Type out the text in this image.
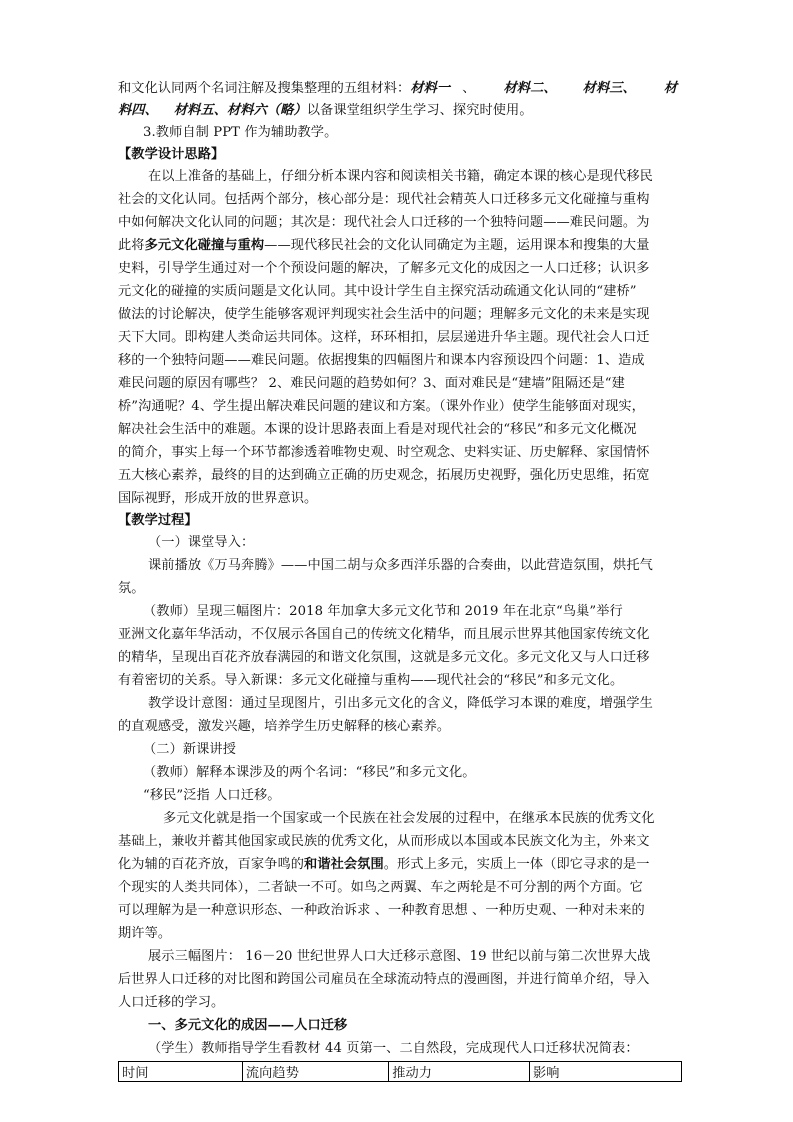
和文化认同两个名词注解及搜集整理的五组材料：材料一 、 材料二、 材料三、 材
料四、 材料五、材料六（略）以备课堂组织学生学习、探究时使用。
3.教师自制 PPT 作为辅助教学。
【教学设计思路】
在以上准备的基础上，仔细分析本课内容和阅读相关书籍，确定本课的核心是现代移民
社会的文化认同。包括两个部分，核心部分是：现代社会精英人口迁移多元文化碰撞与重构
中如何解决文化认同的问题；其次是：现代社会人口迁移的一个独特问题——难民问题。为
此将多元文化碰撞与重构——现代移民社会的文化认同确定为主题，运用课本和搜集的大量
史料，引导学生通过对一个个预设问题的解决，了解多元文化的成因之一人口迁移；认识多
元文化的碰撞的实质问题是文化认同。其中设计学生自主探究活动疏通文化认同的“建桥”
做法的讨论解决，使学生能够客观评判现实社会生活中的问题；理解多元文化的未来是实现
天下大同。即构建人类命运共同体。这样，环环相扣，层层递进升华主题。现代社会人口迁
移的一个独特问题——难民问题。依据搜集的四幅图片和课本内容预设四个问题：1、造成
难民问题的原因有哪些？ 2、难民问题的趋势如何？3、面对难民是“建墙”阻隔还是“建
桥”沟通呢？4、学生提出解决难民问题的建议和方案。（课外作业）使学生能够面对现实，
解决社会生活中的难题。本课的设计思路表面上看是对现代社会的“移民”和多元文化概况
的简介，事实上每一个环节都渗透着唯物史观、时空观念、史料实证、历史解释、家国情怀
五大核心素养，最终的目的达到确立正确的历史观念，拓展历史视野，强化历史思维，拓宽
国际视野，形成开放的世界意识。
【教学过程】
（一）课堂导入：
课前播放《万马奔腾》——中国二胡与众多西洋乐器的合奏曲，以此营造氛围，烘托气
氛。
（教师）呈现三幅图片：2018 年加拿大多元文化节和 2019 年在北京“鸟巢”举行
亚洲文化嘉年华活动，不仅展示各国自己的传统文化精华，而且展示世界其他国家传统文化
的精华，呈现出百花齐放春满园的和谐文化氛围，这就是多元文化。多元文化又与人口迁移
有着密切的关系。导入新课：多元文化碰撞与重构——现代社会的“移民”和多元文化。
教学设计意图：通过呈现图片，引出多元文化的含义，降低学习本课的难度，增强学生
的直观感受，激发兴趣，培养学生历史解释的核心素养。
（二）新课讲授
（教师）解释本课涉及的两个名词：“移民”和多元文化。
“移民”泛指 人口迁移。
多元文化就是指一个国家或一个民族在社会发展的过程中，在继承本民族的优秀文化
基础上，兼收并蓄其他国家或民族的优秀文化，从而形成以本国或本民族文化为主，外来文
化为辅的百花齐放，百家争鸣的和谐社会氛围。形式上多元，实质上一体（即它寻求的是一
个现实的人类共同体），二者缺一不可。如鸟之两翼、车之两轮是不可分割的两个方面。它
可以理解为是一种意识形态、一种政治诉求 、一种教育思想 、一种历史观、一种对未来的
期许等。
展示三幅图片： 16－20 世纪世界人口大迁移示意图、19 世纪以前与第二次世界大战
后世界人口迁移的对比图和跨国公司雇员在全球流动特点的漫画图，并进行简单介绍，导入
人口迁移的学习。
一、多元文化的成因——人口迁移
（学生）教师指导学生看教材 44 页第一、二自然段，完成现代人口迁移状况简表：
时间	流向趋势	推动力	影响
